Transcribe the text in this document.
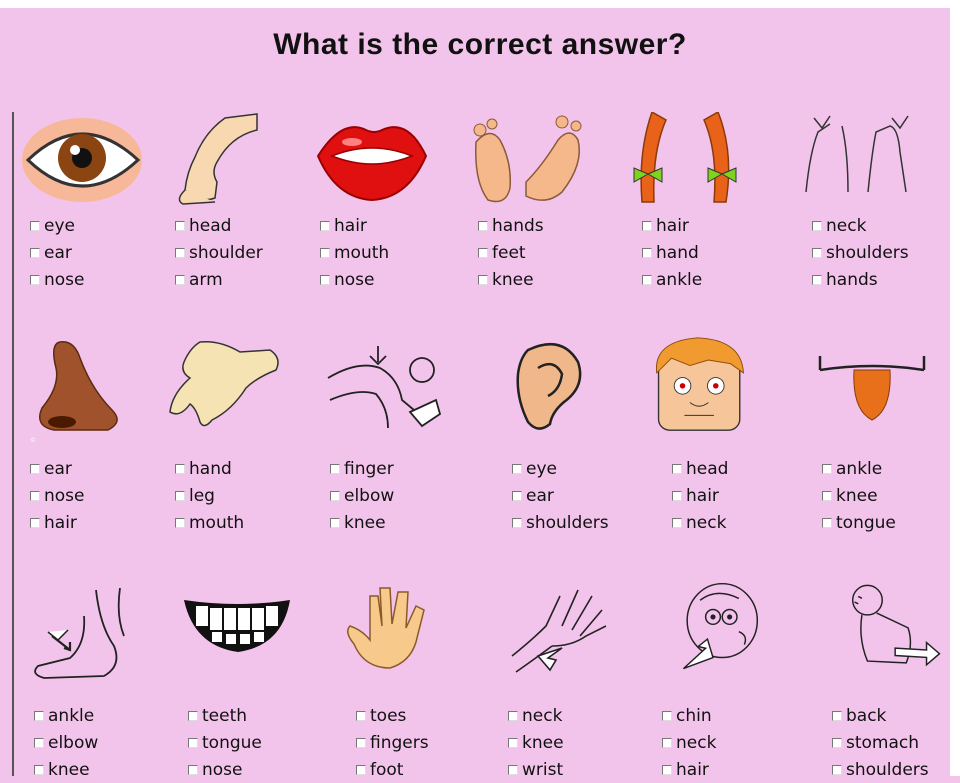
What is the correct answer?
eye
ear
nose
head
shoulder
arm
hair
mouth
nose
hands
feet
knee
hair
hand
ankle
neck
shoulders
hands
©
ear
nose
hair
hand
leg
mouth
finger
elbow
knee
eye
ear
shoulders
head
hair
neck
ankle
knee
tongue
ankle
elbow
knee
teeth
tongue
nose
toes
fingers
foot
neck
knee
wrist
chin
neck
hair
back
stomach
shoulders
